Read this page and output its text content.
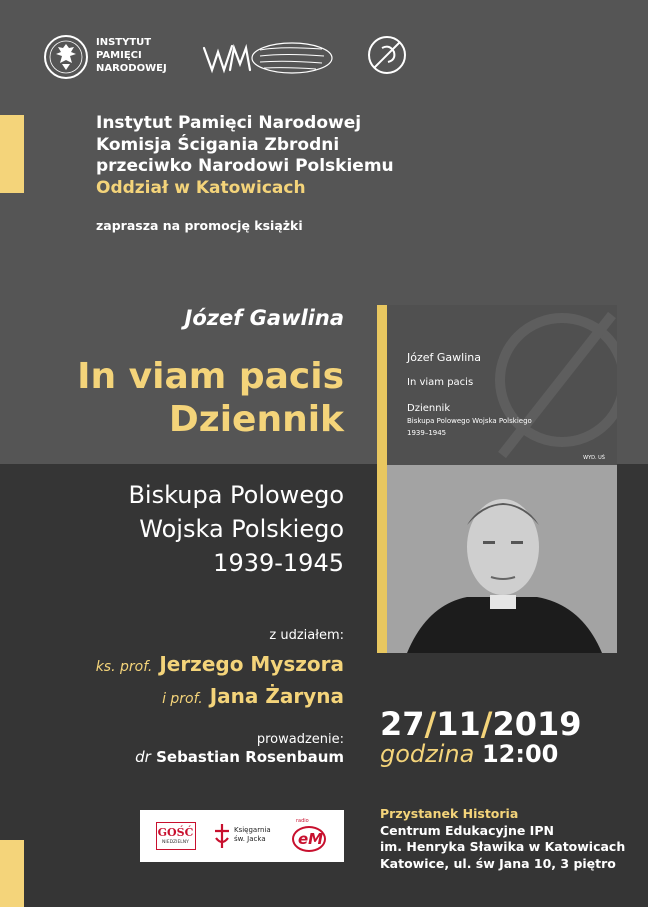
INSTYTUT
PAMIĘCI
NARODOWEJ
Instytut Pamięci Narodowej
Komisja Ścigania Zbrodni
przeciwko Narodowi Polskiemu
Oddział w Katowicach
zaprasza na promocję książki
Józef Gawlina
In viam pacis
Dziennik
Biskupa Polowego
Wojska Polskiego
1939-1945
z udziałem:
ks. prof. Jerzego Myszora
i prof. Jana Żaryna
prowadzenie:
dr Sebastian Rosenbaum
Józef Gawlina
In viam pacis
Dziennik
Biskupa Polowego Wojska Polskiego
1939–1945
WYD. UŚ
27/11/2019
godzina 12:00
Przystanek Historia
Centrum Edukacyjne IPN
im. Henryka Sławika w Katowicach
Katowice, ul. św Jana 10, 3 piętro
GOŚĆ
NIEDZIELNY
Księgarnia
św. Jacka
radio
eM
